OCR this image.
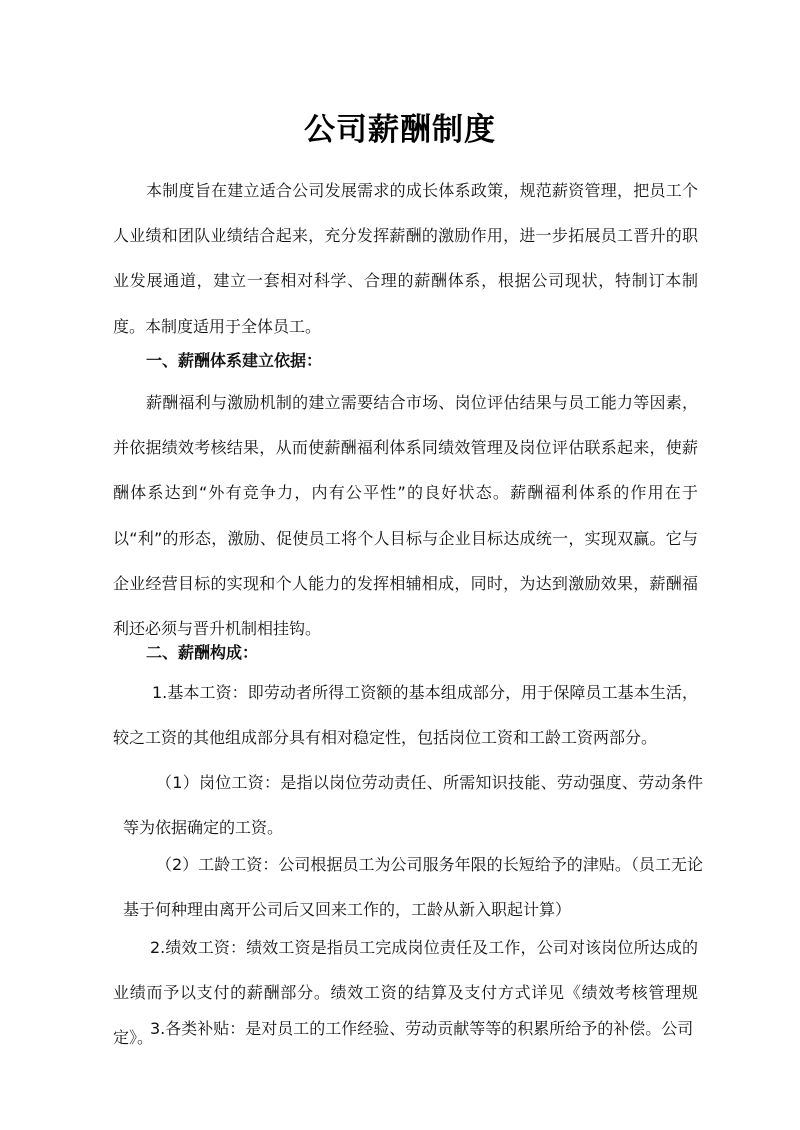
公司薪酬制度

本制度旨在建立适合公司发展需求的成长体系政策，规范薪资管理，把员工个人业绩和团队业绩结合起来，充分发挥薪酬的激励作用，进一步拓展员工晋升的职业发展通道，建立一套相对科学、合理的薪酬体系，根据公司现状，特制订本制度。本制度适用于全体员工。

一、薪酬体系建立依据：

薪酬福利与激励机制的建立需要结合市场、岗位评估结果与员工能力等因素，并依据绩效考核结果，从而使薪酬福利体系同绩效管理及岗位评估联系起来，使薪酬体系达到“外有竞争力，内有公平性”的良好状态。薪酬福利体系的作用在于以“利”的形态，激励、促使员工将个人目标与企业目标达成统一，实现双赢。它与企业经营目标的实现和个人能力的发挥相辅相成，同时，为达到激励效果，薪酬福利还必须与晋升机制相挂钩。

二、薪酬构成：

1.基本工资：即劳动者所得工资额的基本组成部分，用于保障员工基本生活，较之工资的其他组成部分具有相对稳定性，包括岗位工资和工龄工资两部分。

（1）岗位工资：是指以岗位劳动责任、所需知识技能、劳动强度、劳动条件等为依据确定的工资。

（2）工龄工资：公司根据员工为公司服务年限的长短给予的津贴。（员工无论基于何种理由离开公司后又回来工作的，工龄从新入职起计算）

2.绩效工资：绩效工资是指员工完成岗位责任及工作，公司对该岗位所达成的业绩而予以支付的薪酬部分。绩效工资的结算及支付方式详见《绩效考核管理规定》。

3.各类补贴：是对员工的工作经验、劳动贡献等等的积累所给予的补偿。公司
